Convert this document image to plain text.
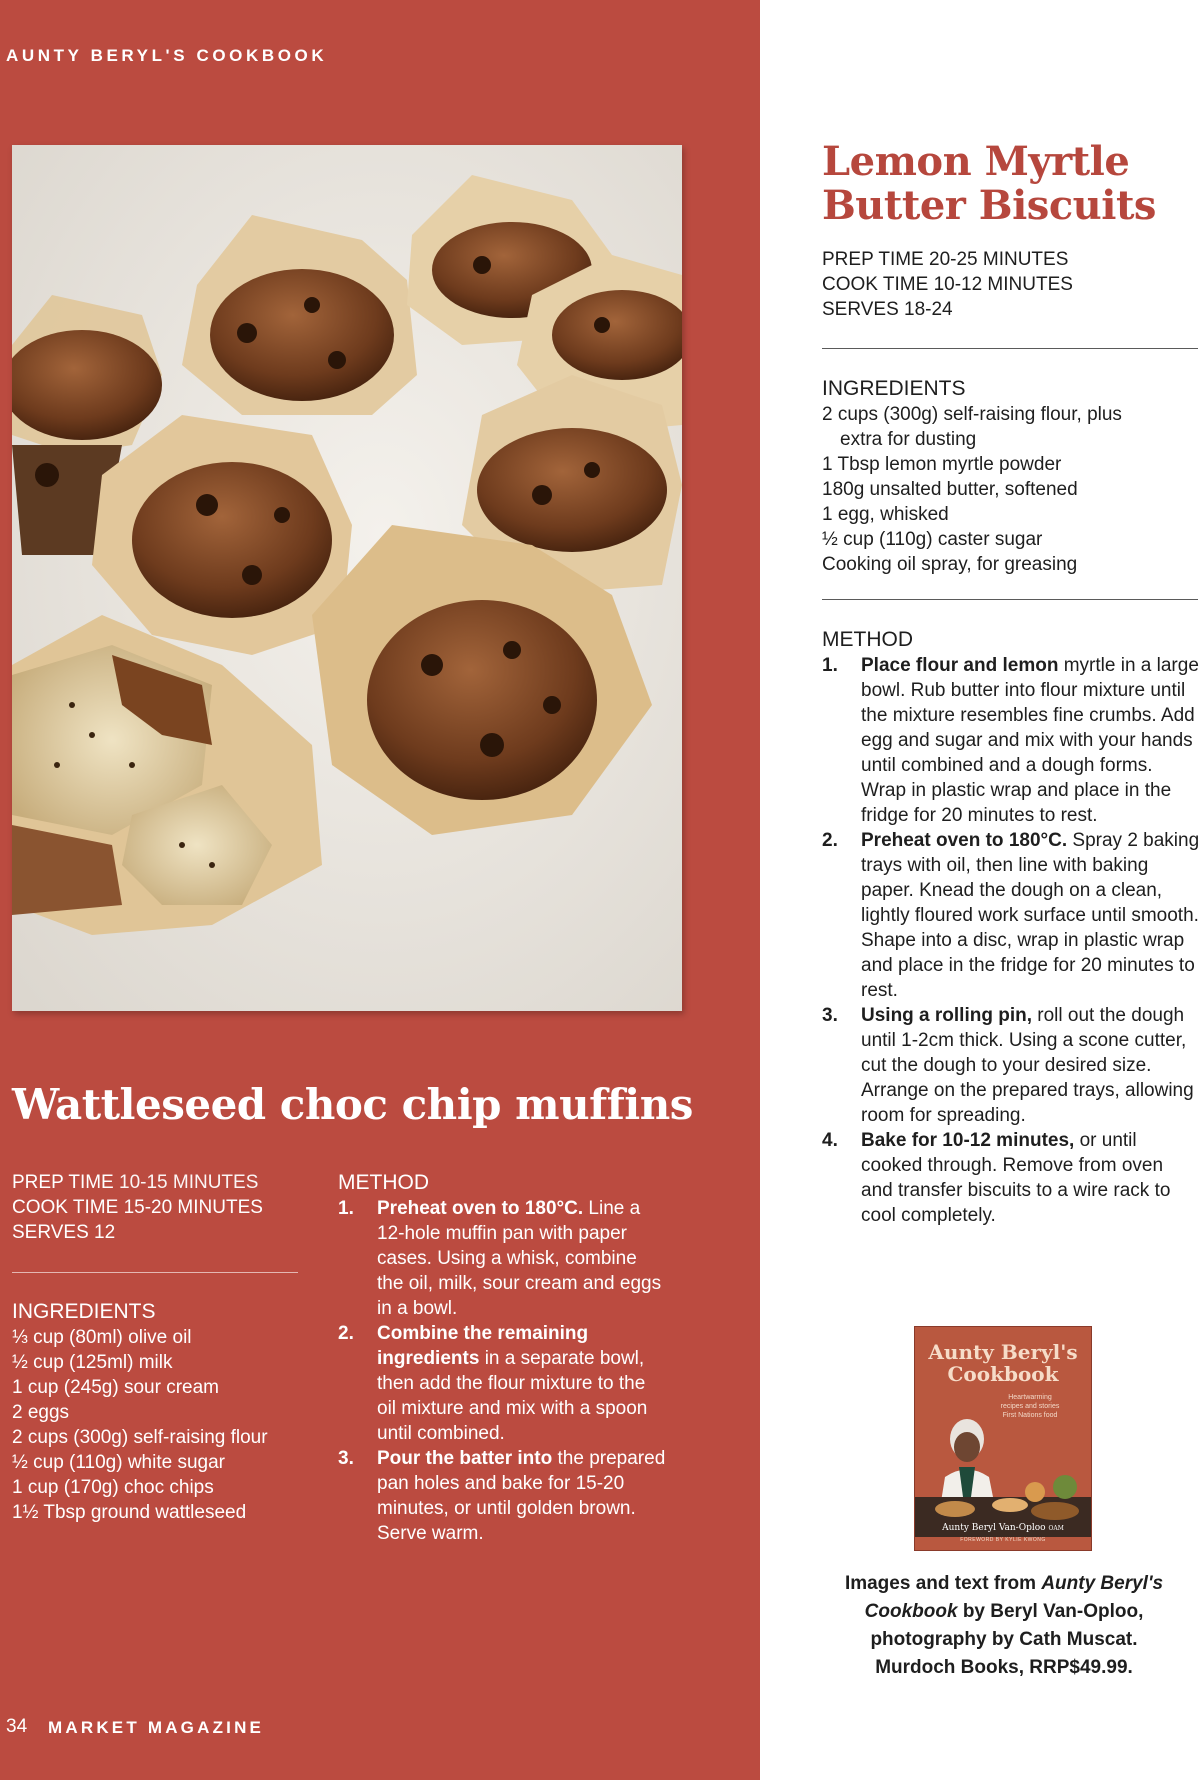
AUNTY BERYL'S COOKBOOK
Wattleseed choc chip muffins
PREP TIME 10-15 MINUTES
COOK TIME 15-20 MINUTES
SERVES 12
INGREDIENTS
⅓ cup (80ml) olive oil
½ cup (125ml) milk
1 cup (245g) sour cream
2 eggs
2 cups (300g) self-raising flour
½ cup (110g) white sugar
1 cup (170g) choc chips
1½ Tbsp ground wattleseed
METHOD
1. Preheat oven to 180°C. Line a 12-hole muffin pan with paper cases. Using a whisk, combine the oil, milk, sour cream and eggs in a bowl.
2. Combine the remaining ingredients in a separate bowl, then add the flour mixture to the oil mixture and mix with a spoon until combined.
3. Pour the batter into the prepared pan holes and bake for 15-20 minutes, or until golden brown. Serve warm.
Lemon Myrtle
Butter Biscuits
PREP TIME 20-25 MINUTES
COOK TIME 10-12 MINUTES
SERVES 18-24
INGREDIENTS
2 cups (300g) self-raising flour, plus
extra for dusting
1 Tbsp lemon myrtle powder
180g unsalted butter, softened
1 egg, whisked
½ cup (110g) caster sugar
Cooking oil spray, for greasing
METHOD
1. Place flour and lemon myrtle in a large bowl. Rub butter into flour mixture until the mixture resembles fine crumbs. Add egg and sugar and mix with your hands until combined and a dough forms. Wrap in plastic wrap and place in the fridge for 20 minutes to rest.
2. Preheat oven to 180°C. Spray 2 baking trays with oil, then line with baking paper. Knead the dough on a clean, lightly floured work surface until smooth. Shape into a disc, wrap in plastic wrap and place in the fridge for 20 minutes to rest.
3. Using a rolling pin, roll out the dough until 1-2cm thick. Using a scone cutter, cut the dough to your desired size. Arrange on the prepared trays, allowing room for spreading.
4. Bake for 10-12 minutes, or until cooked through. Remove from oven and transfer biscuits to a wire rack to cool completely.
Aunty Beryl's
Cookbook
Heartwarming
recipes and stories
First Nations food
Aunty Beryl Van-Oploo OAM
FOREWORD BY KYLIE KWONG
Images and text from Aunty Beryl's
Cookbook by Beryl Van-Oploo,
photography by Cath Muscat.
Murdoch Books, RRP$49.99.
34 MARKET MAGAZINE
